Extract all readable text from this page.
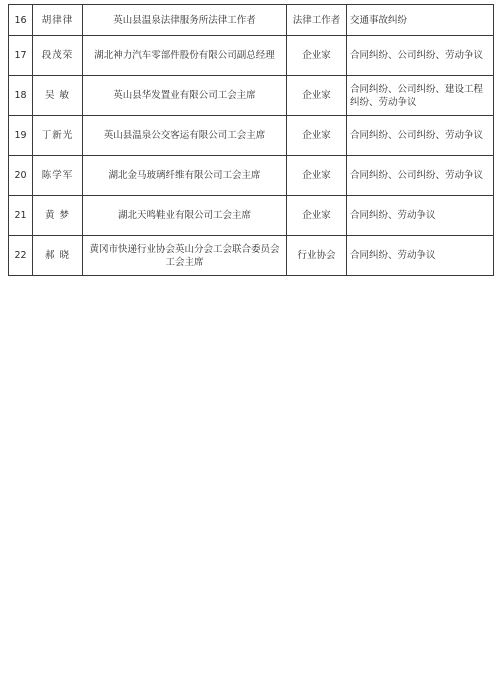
16	胡律律	英山县温泉法律服务所法律工作者	法律工作者	交通事故纠纷
17	段茂荣	湖北神力汽车零部件股份有限公司副总经理	企业家	合同纠纷、公司纠纷、劳动争议
18	吴 敏	英山县华发置业有限公司工会主席	企业家	合同纠纷、公司纠纷、建设工程纠纷、劳动争议
19	丁新光	英山县温泉公交客运有限公司工会主席	企业家	合同纠纷、公司纠纷、劳动争议
20	陈学军	湖北金马玻璃纤维有限公司工会主席	企业家	合同纠纷、公司纠纷、劳动争议
21	黄 梦	湖北天鸣鞋业有限公司工会主席	企业家	合同纠纷、劳动争议
22	郝 晓	黄冈市快递行业协会英山分会工会联合委员会工会主席	行业协会	合同纠纷、劳动争议
